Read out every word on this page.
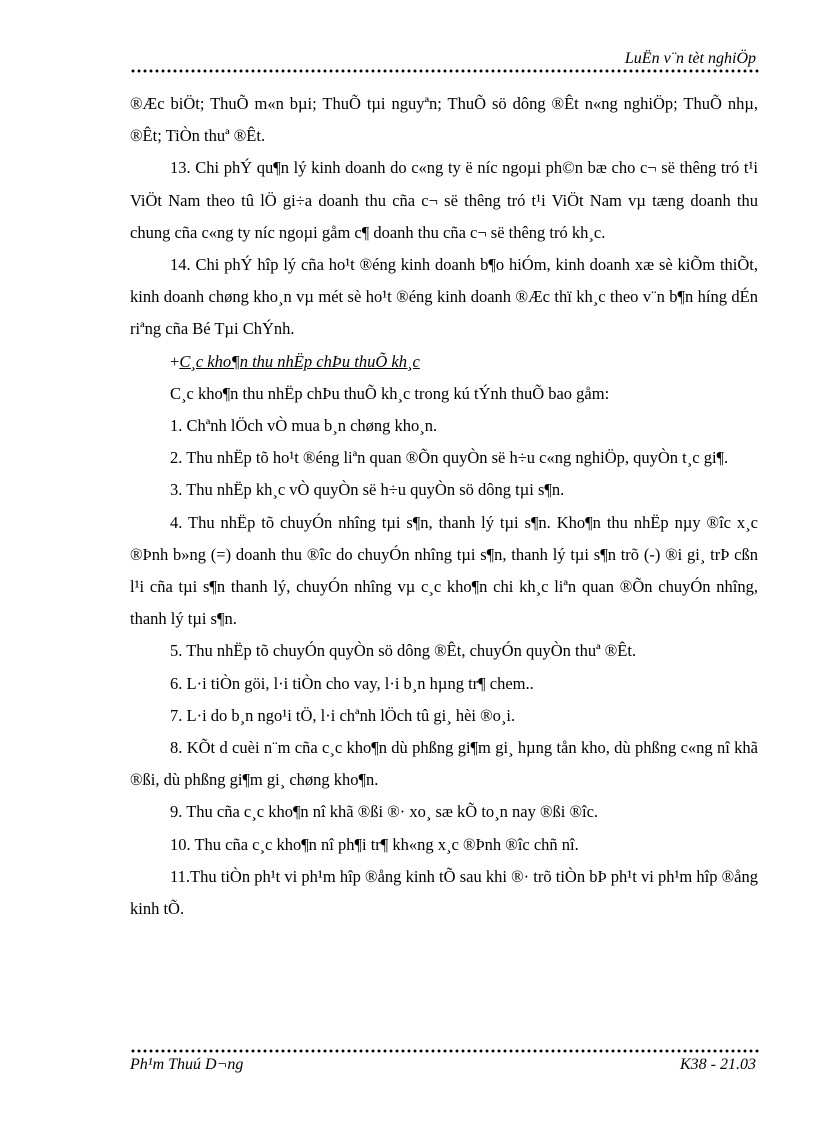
LuËn v¨n tèt nghiÖp

®Æc biÖt; ThuÕ m«n bµi; ThuÕ tµi nguyªn; ThuÕ sö dông ®Êt n«ng nghiÖp; ThuÕ nhµ, ®Êt; TiÒn thuª ®Êt.

13. Chi phÝ qu¶n lý kinh doanh do c«ng ty ë níc ngoµi ph©n bæ cho c¬ së thêng tró t¹i ViÖt Nam theo tû lÖ gi÷a doanh thu cña c¬ së thêng tró t¹i ViÖt Nam vµ tæng doanh thu chung cña c«ng ty níc ngoµi gåm c¶ doanh thu cña c¬ së thêng tró kh¸c.

14. Chi phÝ hîp lý cña ho¹t ®éng kinh doanh b¶o hiÓm, kinh doanh xæ sè kiÕm thiÕt, kinh doanh chøng kho¸n vµ mét sè ho¹t ®éng kinh doanh ®Æc thï kh¸c theo v¨n b¶n híng dÉn riªng cña Bé Tµi ChÝnh.

+C¸c kho¶n thu nhËp chÞu thuÕ kh¸c

C¸c kho¶n thu nhËp chÞu thuÕ kh¸c trong kú tÝnh thuÕ bao gåm:

1. Chªnh lÖch vÒ mua b¸n chøng kho¸n.

2. Thu nhËp tõ ho¹t ®éng liªn quan ®Õn quyÒn së h÷u c«ng nghiÖp, quyÒn t¸c gi¶.

3. Thu nhËp kh¸c vÒ quyÒn së h÷u quyÒn sö dông tµi s¶n.

4. Thu nhËp tõ chuyÓn nhîng tµi s¶n, thanh lý tµi s¶n. Kho¶n thu nhËp nµy ®îc x¸c ®Þnh b»ng (=) doanh thu ®îc do chuyÓn nhîng tµi s¶n, thanh lý tµi s¶n trõ (-) ®i gi¸ trÞ cßn l¹i cña tµi s¶n thanh lý, chuyÓn nhîng vµ c¸c kho¶n chi kh¸c liªn quan ®Õn chuyÓn nhîng, thanh lý tµi s¶n.

5. Thu nhËp tõ chuyÓn quyÒn sö dông ®Êt, chuyÓn quyÒn thuª ®Êt.

6. L·i tiÒn göi, l·i tiÒn cho vay, l·i b¸n hµng tr¶ chem..

7. L·i do b¸n ngo¹i tÖ, l·i chªnh lÖch tû gi¸ hèi ®o¸i.

8. KÕt d cuèi n¨m cña c¸c kho¶n dù phßng gi¶m gi¸ hµng tån kho, dù phßng c«ng nî khã ®ßi, dù phßng gi¶m gi¸ chøng kho¶n.

9. Thu cña c¸c kho¶n nî khã ®ßi ®· xo¸ sæ kÕ to¸n nay ®ßi ®îc.

10. Thu cña c¸c kho¶n nî ph¶i tr¶ kh«ng x¸c ®Þnh ®îc chñ nî.

11.Thu tiÒn ph¹t vi ph¹m hîp ®ång kinh tÕ sau khi ®· trõ tiÒn bÞ ph¹t vi ph¹m hîp ®ång kinh tÕ.

Ph¹m Thuú D¬ng	K38 - 21.03
